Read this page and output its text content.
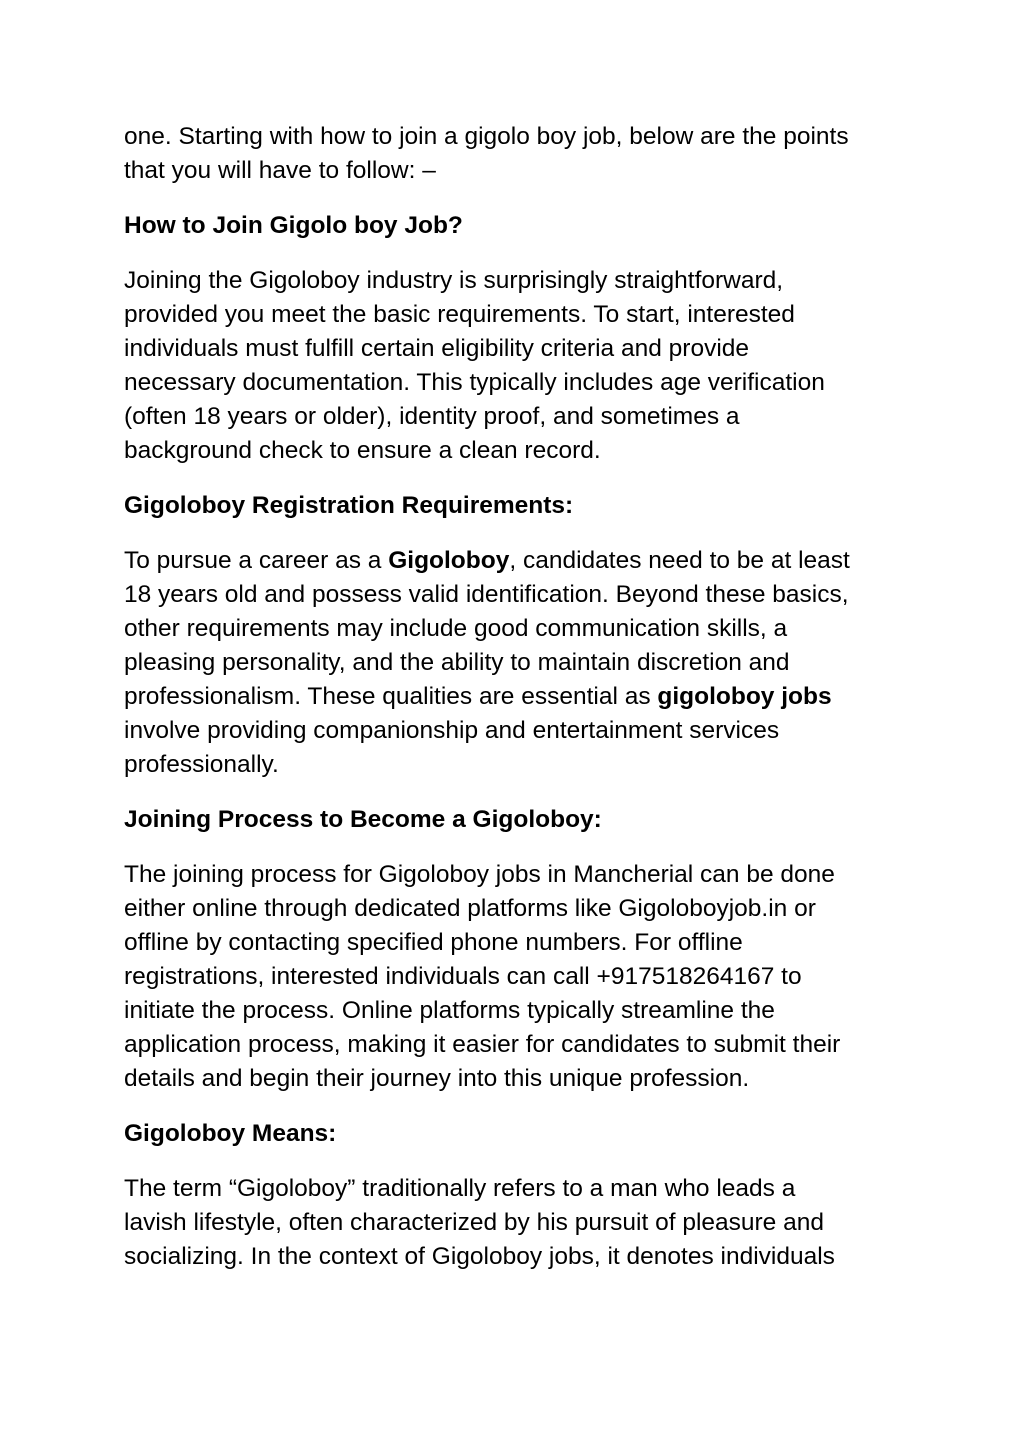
one. Starting with how to join a gigolo boy job, below are the points
that you will have to follow: –

How to Join Gigolo boy Job?

Joining the Gigoloboy industry is surprisingly straightforward,
provided you meet the basic requirements. To start, interested
individuals must fulfill certain eligibility criteria and provide
necessary documentation. This typically includes age verification
(often 18 years or older), identity proof, and sometimes a
background check to ensure a clean record.

Gigoloboy Registration Requirements:

To pursue a career as a Gigoloboy, candidates need to be at least
18 years old and possess valid identification. Beyond these basics,
other requirements may include good communication skills, a
pleasing personality, and the ability to maintain discretion and
professionalism. These qualities are essential as gigoloboy jobs
involve providing companionship and entertainment services
professionally.

Joining Process to Become a Gigoloboy:

The joining process for Gigoloboy jobs in Mancherial can be done
either online through dedicated platforms like Gigoloboyjob.in or
offline by contacting specified phone numbers. For offline
registrations, interested individuals can call +917518264167 to
initiate the process. Online platforms typically streamline the
application process, making it easier for candidates to submit their
details and begin their journey into this unique profession.

Gigoloboy Means:

The term “Gigoloboy” traditionally refers to a man who leads a
lavish lifestyle, often characterized by his pursuit of pleasure and
socializing. In the context of Gigoloboy jobs, it denotes individuals
